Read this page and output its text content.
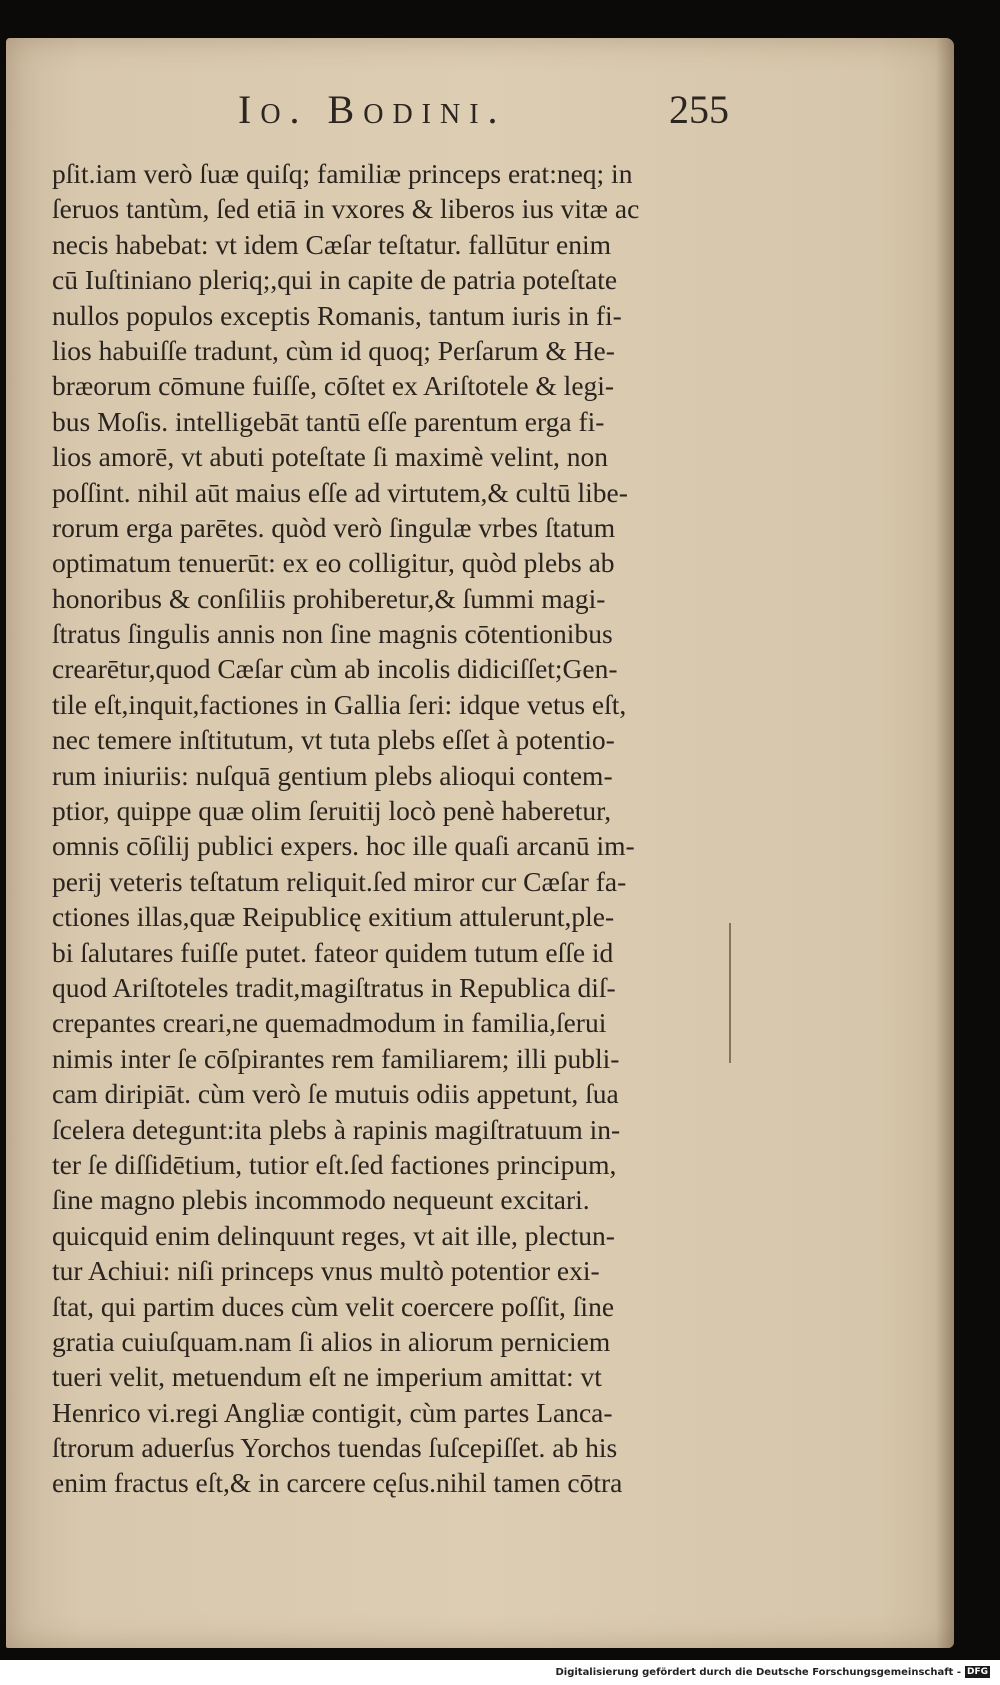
Io. Bodini.	255
pſit.iam verò ſuæ quiſq; familiæ princeps erat:neq; in
ſeruos tantùm, ſed etiā in vxores & liberos ius vitæ ac
necis habebat: vt idem Cæſar teſtatur. fallūtur enim
cū Iuſtiniano pleriq;,qui in capite de patria poteſtate
nullos populos exceptis Romanis, tantum iuris in fi-
lios habuiſſe tradunt, cùm id quoq; Perſarum & He-
bræorum cōmune fuiſſe, cōſtet ex Ariſtotele & legi-
bus Moſis. intelligebāt tantū eſſe parentum erga fi-
lios amorē, vt abuti poteſtate ſi maximè velint, non
poſſint. nihil aūt maius eſſe ad virtutem,& cultū libe-
rorum erga parētes. quòd verò ſingulæ vrbes ſtatum
optimatum tenuerūt: ex eo colligitur, quòd plebs ab
honoribus & conſiliis prohiberetur,& ſummi magi-
ſtratus ſingulis annis non ſine magnis cōtentionibus
crearētur,quod Cæſar cùm ab incolis didiciſſet;Gen-
tile eſt,inquit,factiones in Gallia ſeri: idque vetus eſt,
nec temere inſtitutum, vt tuta plebs eſſet à potentio-
rum iniuriis: nuſquā gentium plebs alioqui contem-
ptior, quippe quæ olim ſeruitij locò penè haberetur,
omnis cōſilij publici expers. hoc ille quaſi arcanū im-
perij veteris teſtatum reliquit.ſed miror cur Cæſar fa-
ctiones illas,quæ Reipublicę exitium attulerunt,ple-
bi ſalutares fuiſſe putet. fateor quidem tutum eſſe id
quod Ariſtoteles tradit,magiſtratus in Republica diſ-
crepantes creari,ne quemadmodum in familia,ſerui
nimis inter ſe cōſpirantes rem familiarem; illi publi-
cam diripiāt. cùm verò ſe mutuis odiis appetunt, ſua
ſcelera detegunt:ita plebs à rapinis magiſtratuum in-
ter ſe diſſidētium, tutior eſt.ſed factiones principum,
ſine magno plebis incommodo nequeunt excitari.
quicquid enim delinquunt reges, vt ait ille, plectun-
tur Achiui: niſi princeps vnus multò potentior exi-
ſtat, qui partim duces cùm velit coercere poſſit, ſine
gratia cuiuſquam.nam ſi alios in aliorum perniciem
tueri velit, metuendum eſt ne imperium amittat: vt
Henrico vi.regi Angliæ contigit, cùm partes Lanca-
ſtrorum aduerſus Yorchos tuendas ſuſcepiſſet. ab his
enim fractus eſt,& in carcere cęſus.nihil tamen cōtra
Digitalisierung gefördert durch die Deutsche Forschungsgemeinschaft - DFG
